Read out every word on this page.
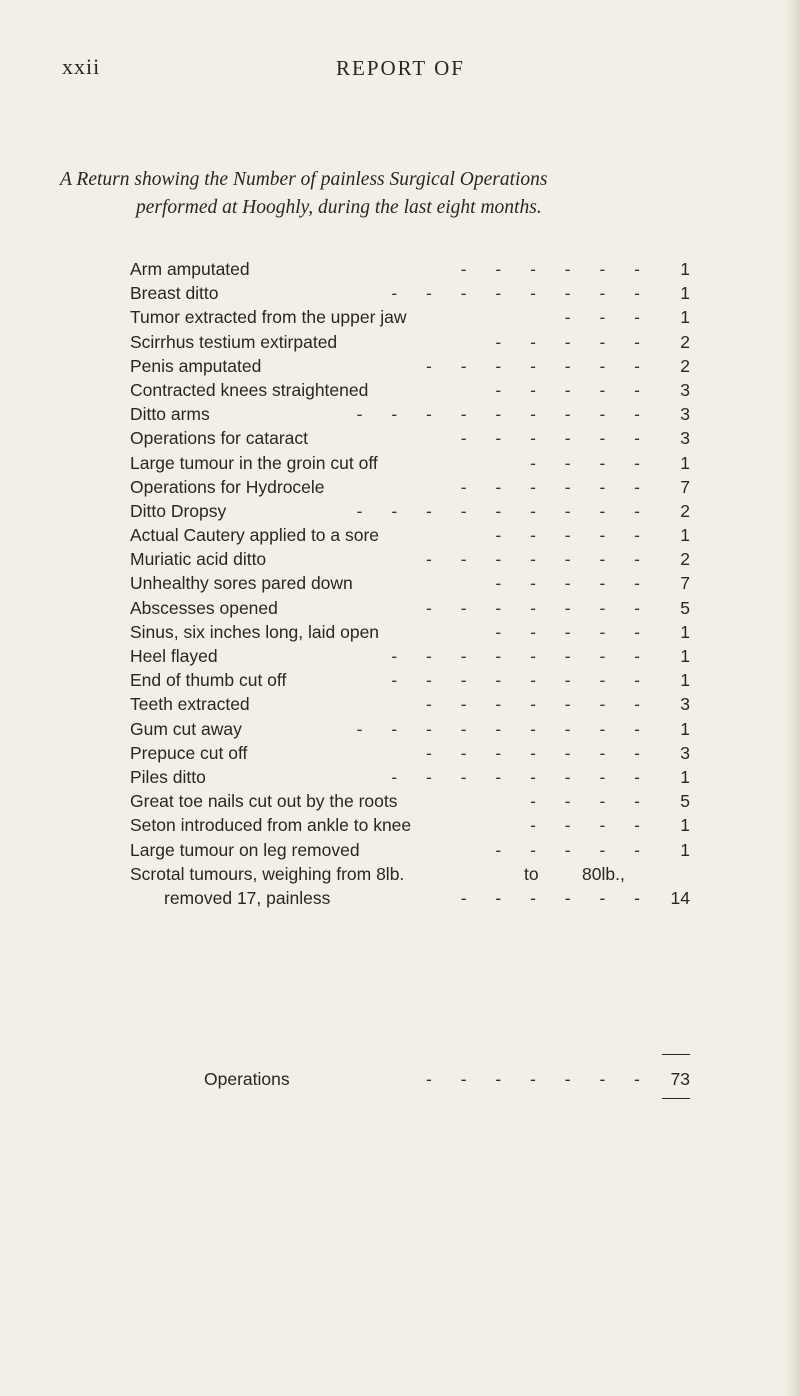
xxii	REPORT OF
A Return showing the Number of painless Surgical Operations
performed at Hooghly, during the last eight months.
Arm amputated	- - - - - -	1
Breast ditto	- - - - - - - -	1
Tumor extracted from the upper jaw	- - -	1
Scirrhus testium extirpated	- - - - -	2
Penis amputated	- - - - - - -	2
Contracted knees straightened	- - - - -	3
Ditto arms	- - - - - - - - -	3
Operations for cataract	- - - - - -	3
Large tumour in the groin cut off	- - - -	1
Operations for Hydrocele	- - - - - -	7
Ditto Dropsy	- - - - - - - - -	2
Actual Cautery applied to a sore	- - - - -	1
Muriatic acid ditto	- - - - - - -	2
Unhealthy sores pared down	- - - - -	7
Abscesses opened	- - - - - - -	5
Sinus, six inches long, laid open	- - - - -	1
Heel flayed	- - - - - - - -	1
End of thumb cut off	- - - - - - - -	1
Teeth extracted	- - - - - - -	3
Gum cut away	- - - - - - - - -	1
Prepuce cut off	- - - - - - -	3
Piles ditto	- - - - - - - -	1
Great toe nails cut out by the roots	- - - -	5
Seton introduced from ankle to knee	- - - -	1
Large tumour on leg removed	- - - - -	1
Scrotal tumours, weighing from 8lb.	to 80lb.,
removed 17, painless	- - - - - -	14
Operations	- - - - - - -	73
